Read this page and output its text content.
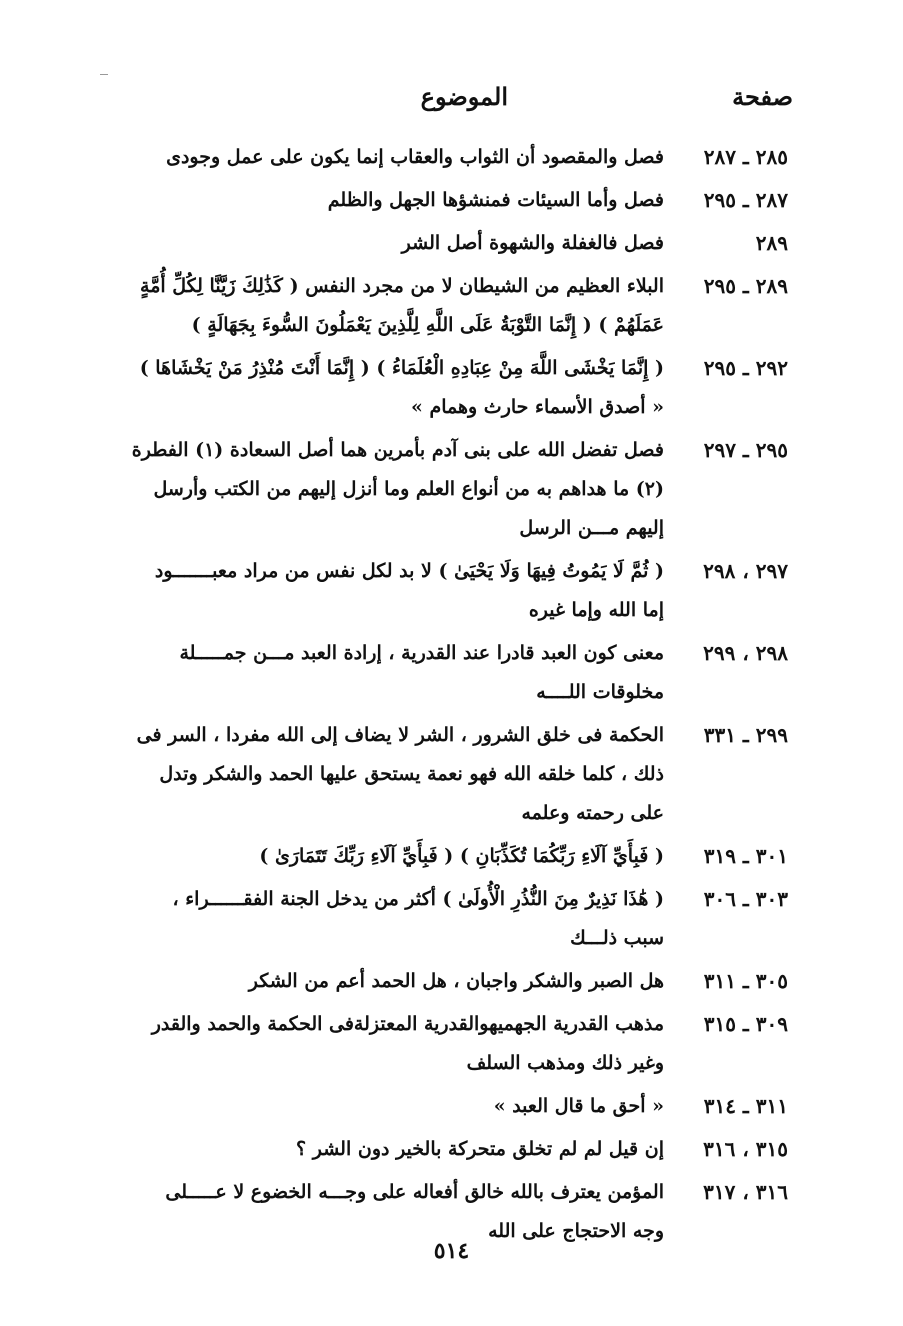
صفحة
الموضوع
٢٨٥ ـ ٢٨٧
فصل والمقصود أن الثواب والعقاب إنما يكون على عمل وجودى
٢٨٧ ـ ٢٩٥
فصل وأما السيئات فمنشؤها الجهل والظلم
٢٨٩
فصل فالغفلة والشهوة أصل الشر
٢٨٩ ـ ٢٩٥
البلاء العظيم من الشيطان لا من مجرد النفس ( كَذَٰلِكَ زَيَّنَّا لِكُلِّ أُمَّةٍ
عَمَلَهُمْ ) ( إِنَّمَا التَّوْبَةُ عَلَى اللَّهِ لِلَّذِينَ يَعْمَلُونَ السُّوءَ بِجَهَالَةٍ )
٢٩٢ ـ ٢٩٥
( إِنَّمَا يَخْشَى اللَّهَ مِنْ عِبَادِهِ الْعُلَمَاءُ ) ( إِنَّمَا أَنْتَ مُنْذِرُ مَنْ يَخْشَاهَا )
« أصدق الأسماء حارث وهمام »
٢٩٥ ـ ٢٩٧
فصل تفضل الله على بنى آدم بأمرين هما أصل السعادة (١) الفطرة
(٢) ما هداهم به من أنواع العلم وما أنزل إليهم من الكتب وأرسل
إليهم مـــن الرسل
٢٩٧ ، ٢٩٨
( ثُمَّ لَا يَمُوتُ فِيهَا وَلَا يَحْيَىٰ ) لا بد لكل نفس من مراد معبـــــــود
إما الله وإما غيره
٢٩٨ ، ٢٩٩
معنى كون العبد قادرا عند القدرية ، إرادة العبد مـــن جمـــــلة
مخلوقات اللــــه
٢٩٩ ـ ٣٣١
الحكمة فى خلق الشرور ، الشر لا يضاف إلى الله مفردا ، السر فى
ذلك ، كلما خلقه الله فهو نعمة يستحق عليها الحمد والشكر وتدل
على رحمته وعلمه
٣٠١ ـ ٣١٩
( فَبِأَيِّ آلَاءِ رَبِّكُمَا تُكَذِّبَانِ ) ( فَبِأَيِّ آلَاءِ رَبِّكَ تَتَمَارَىٰ )
٣٠٣ ـ ٣٠٦
( هَٰذَا نَذِيرٌ مِنَ النُّذُرِ الْأُولَىٰ ) أكثر من يدخل الجنة الفقــــــراء ،
سبب ذلـــك
٣٠٥ ـ ٣١١
هل الصبر والشكر واجبان ، هل الحمد أعم من الشكر
٣٠٩ ـ ٣١٥
مذهب القدرية الجهميهوالقدرية المعتزلةفى الحكمة والحمد والقدر
وغير ذلك ومذهب السلف
٣١١ ـ ٣١٤
« أحق ما قال العبد »
٣١٥ ، ٣١٦
إن قيل لم لم تخلق متحركة بالخير دون الشر ؟
٣١٦ ، ٣١٧
المؤمن يعترف بالله خالق أفعاله على وجـــه الخضوع لا عـــــلى
وجه الاحتجاج على الله
٥١٤
